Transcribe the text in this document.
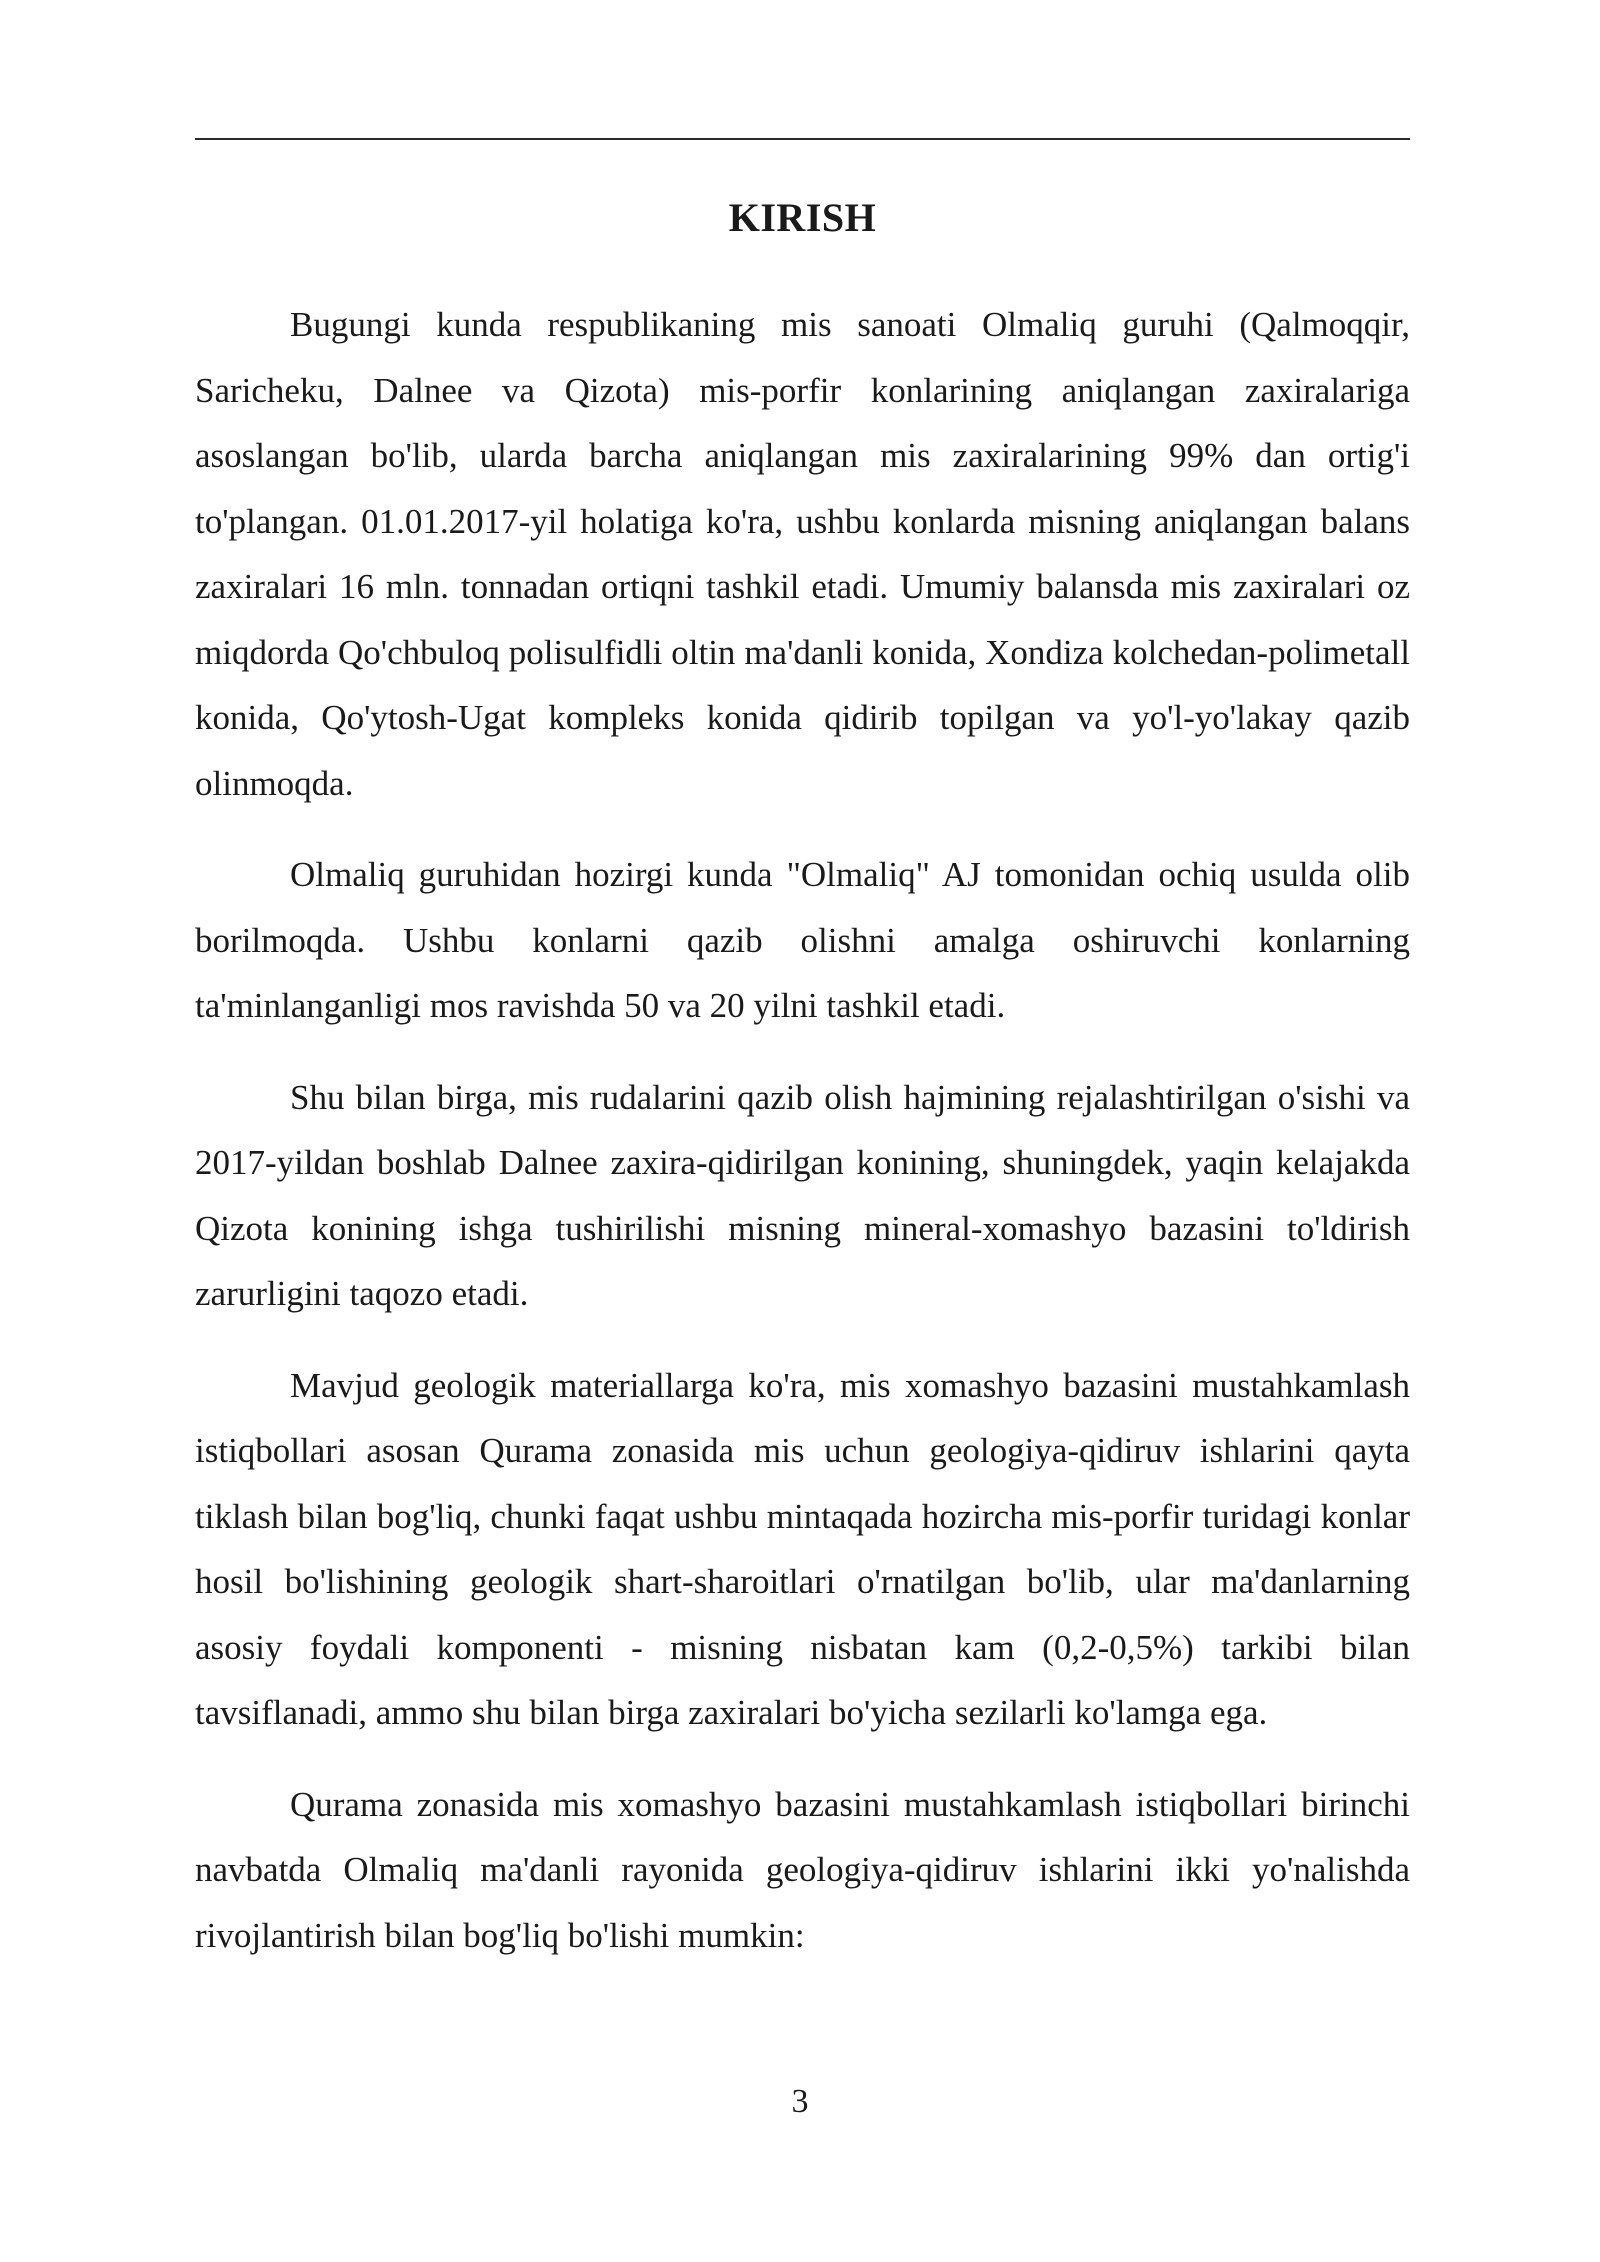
KIRISH

Bugungi kunda respublikaning mis sanoati Olmaliq guruhi (Qalmoqqir, Saricheku, Dalnee va Qizota) mis-porfir konlarining aniqlangan zaxiralariga asoslangan bo'lib, ularda barcha aniqlangan mis zaxiralarining 99% dan ortig'i to'plangan. 01.01.2017-yil holatiga ko'ra, ushbu konlarda misning aniqlangan balans zaxiralari 16 mln. tonnadan ortiqni tashkil etadi. Umumiy balansda mis zaxiralari oz miqdorda Qo'chbuloq polisulfidli oltin ma'danli konida, Xondiza kolchedan-polimetall konida, Qo'ytosh-Ugat kompleks konida qidirib topilgan va yo'l-yo'lakay qazib olinmoqda.

Olmaliq guruhidan hozirgi kunda "Olmaliq" AJ tomonidan ochiq usulda olib borilmoqda. Ushbu konlarni qazib olishni amalga oshiruvchi konlarning ta'minlanganligi mos ravishda 50 va 20 yilni tashkil etadi.

Shu bilan birga, mis rudalarini qazib olish hajmining rejalashtirilgan o'sishi va 2017-yildan boshlab Dalnee zaxira-qidirilgan konining, shuningdek, yaqin kelajakda Qizota konining ishga tushirilishi misning mineral-xomashyo bazasini to'ldirish zarurligini taqozo etadi.

Mavjud geologik materiallarga ko'ra, mis xomashyo bazasini mustahkamlash istiqbollari asosan Qurama zonasida mis uchun geologiya-qidiruv ishlarini qayta tiklash bilan bog'liq, chunki faqat ushbu mintaqada hozircha mis-porfir turidagi konlar hosil bo'lishining geologik shart-sharoitlari o'rnatilgan bo'lib, ular ma'danlarning asosiy foydali komponenti - misning nisbatan kam (0,2-0,5%) tarkibi bilan tavsiflanadi, ammo shu bilan birga zaxiralari bo'yicha sezilarli ko'lamga ega.

Qurama zonasida mis xomashyo bazasini mustahkamlash istiqbollari birinchi navbatda Olmaliq ma'danli rayonida geologiya-qidiruv ishlarini ikki yo'nalishda rivojlantirish bilan bog'liq bo'lishi mumkin:

3
